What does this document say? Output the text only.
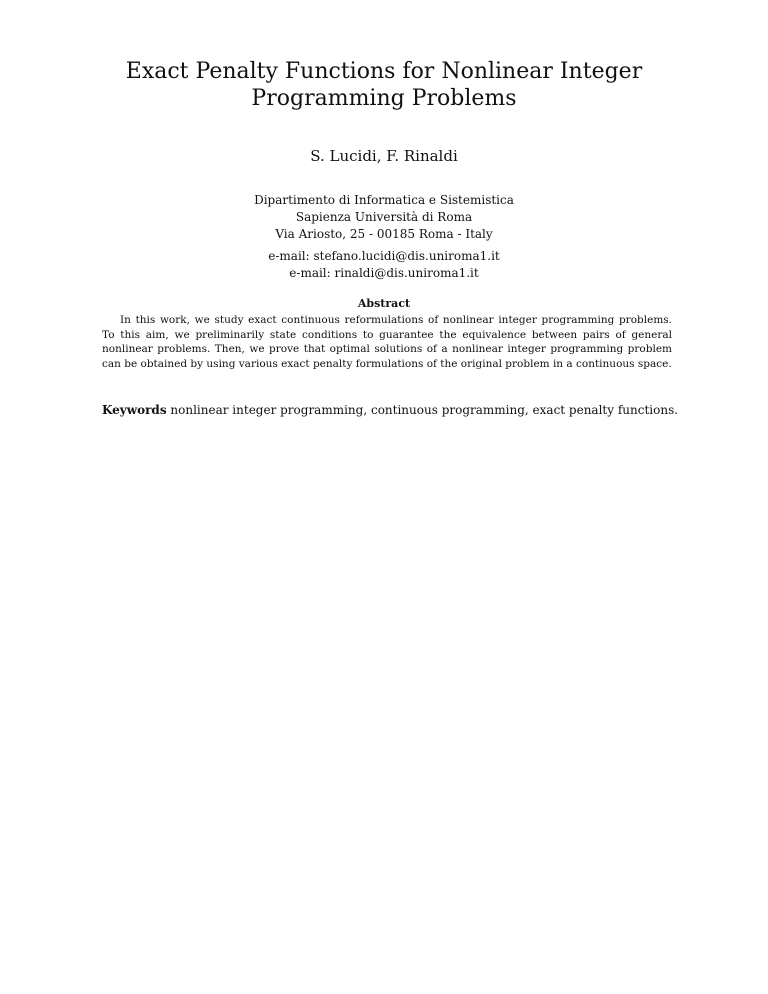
Exact Penalty Functions for Nonlinear Integer
Programming Problems
S. Lucidi, F. Rinaldi
Dipartimento di Informatica e Sistemistica
Sapienza Università di Roma
Via Ariosto, 25 - 00185 Roma - Italy
e-mail: stefano.lucidi@dis.uniroma1.it
e-mail: rinaldi@dis.uniroma1.it
Abstract

In this work, we study exact continuous reformulations of nonlinear integer programming problems. To this aim, we preliminarily state conditions to guarantee the equivalence between pairs of general nonlinear problems. Then, we prove that optimal solutions of a nonlinear integer programming problem can be obtained by using various exact penalty formulations of the original problem in a continuous space.

Keywords nonlinear integer programming, continuous programming, exact penalty functions.
